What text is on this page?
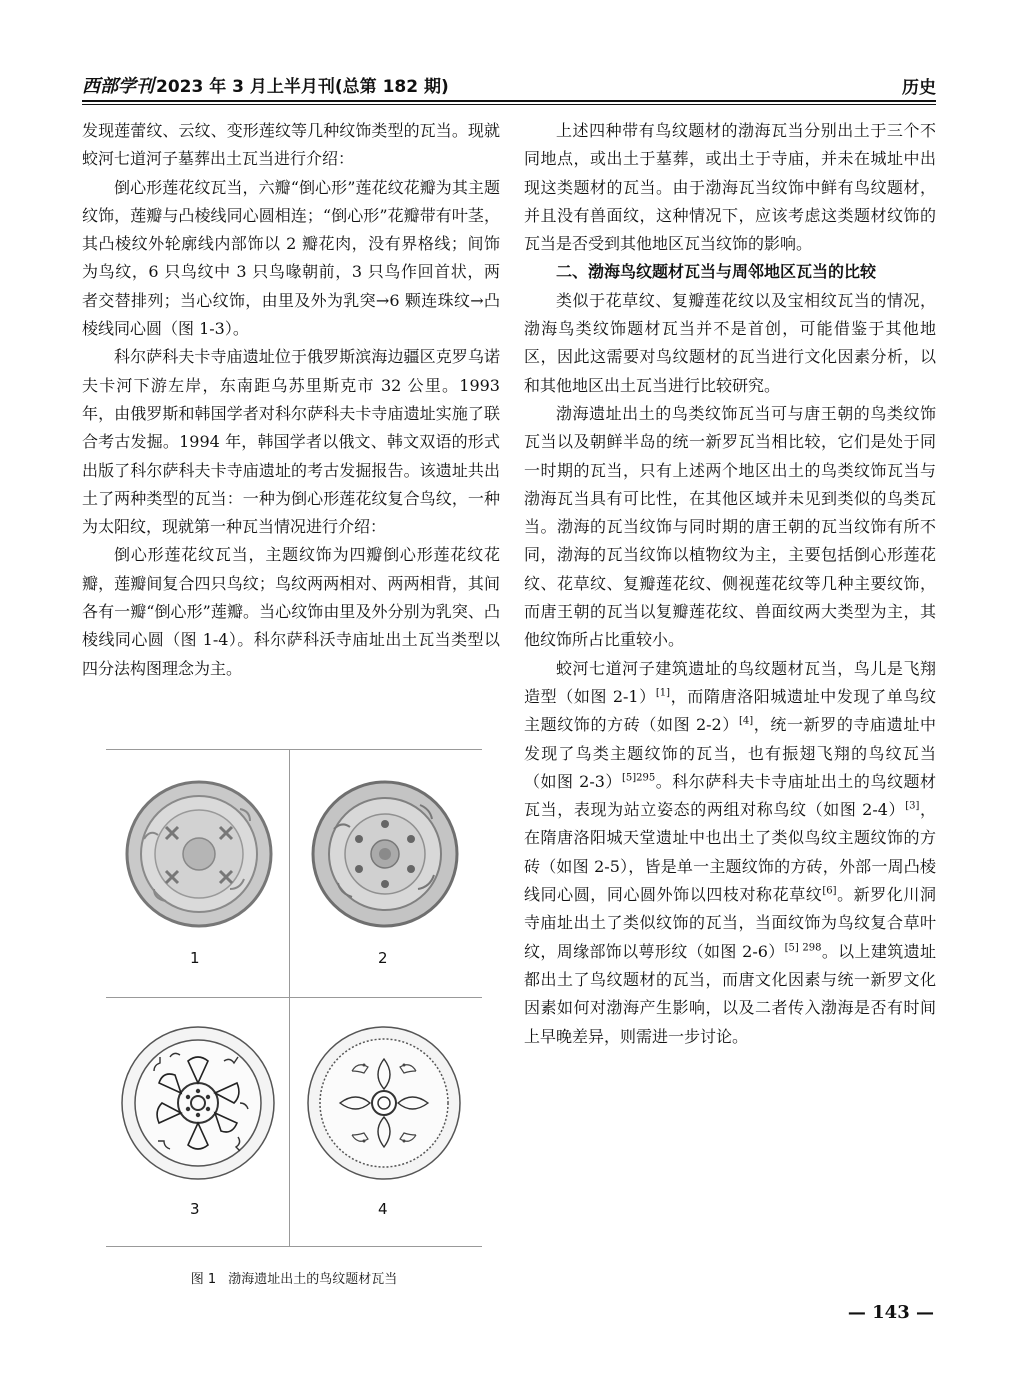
西部学刊 2023 年 3 月上半月刊(总第 182 期)	历史

发现莲蕾纹、云纹、变形莲纹等几种纹饰类型的瓦当。现就蛟河七道河子墓葬出土瓦当进行介绍：

倒心形莲花纹瓦当，六瓣“倒心形”莲花纹花瓣为其主题纹饰，莲瓣与凸棱线同心圆相连；“倒心形”花瓣带有叶茎，其凸棱纹外轮廓线内部饰以 2 瓣花肉，没有界格线；间饰为鸟纹，6 只鸟纹中 3 只鸟喙朝前，3 只鸟作回首状，两者交替排列；当心纹饰，由里及外为乳突→6 颗连珠纹→凸棱线同心圆（图 1-3）。

科尔萨科夫卡寺庙遗址位于俄罗斯滨海边疆区克罗乌诺夫卡河下游左岸，东南距乌苏里斯克市 32 公里。1993 年，由俄罗斯和韩国学者对科尔萨科夫卡寺庙遗址实施了联合考古发掘。1994 年，韩国学者以俄文、韩文双语的形式出版了科尔萨科夫卡寺庙遗址的考古发掘报告。该遗址共出土了两种类型的瓦当：一种为倒心形莲花纹复合鸟纹，一种为太阳纹，现就第一种瓦当情况进行介绍：

倒心形莲花纹瓦当，主题纹饰为四瓣倒心形莲花纹花瓣，莲瓣间复合四只鸟纹；鸟纹两两相对、两两相背，其间各有一瓣“倒心形”莲瓣。当心纹饰由里及外分别为乳突、凸棱线同心圆（图 1-4）。科尔萨科沃寺庙址出土瓦当类型以四分法构图理念为主。

1	2
3	4
图 1 渤海遗址出土的鸟纹题材瓦当

上述四种带有鸟纹题材的渤海瓦当分别出土于三个不同地点，或出土于墓葬，或出土于寺庙，并未在城址中出现这类题材的瓦当。由于渤海瓦当纹饰中鲜有鸟纹题材，并且没有兽面纹，这种情况下，应该考虑这类题材纹饰的瓦当是否受到其他地区瓦当纹饰的影响。

二、渤海鸟纹题材瓦当与周邻地区瓦当的比较

类似于花草纹、复瓣莲花纹以及宝相纹瓦当的情况，渤海鸟类纹饰题材瓦当并不是首创，可能借鉴于其他地区，因此这需要对鸟纹题材的瓦当进行文化因素分析，以和其他地区出土瓦当进行比较研究。

渤海遗址出土的鸟类纹饰瓦当可与唐王朝的鸟类纹饰瓦当以及朝鲜半岛的统一新罗瓦当相比较，它们是处于同一时期的瓦当，只有上述两个地区出土的鸟类纹饰瓦当与渤海瓦当具有可比性，在其他区域并未见到类似的鸟类瓦当。渤海的瓦当纹饰与同时期的唐王朝的瓦当纹饰有所不同，渤海的瓦当纹饰以植物纹为主，主要包括倒心形莲花纹、花草纹、复瓣莲花纹、侧视莲花纹等几种主要纹饰，而唐王朝的瓦当以复瓣莲花纹、兽面纹两大类型为主，其他纹饰所占比重较小。

蛟河七道河子建筑遗址的鸟纹题材瓦当，鸟儿是飞翔造型（如图 2-1）[1]，而隋唐洛阳城遗址中发现了单鸟纹主题纹饰的方砖（如图 2-2）[4]，统一新罗的寺庙遗址中发现了鸟类主题纹饰的瓦当，也有振翅飞翔的鸟纹瓦当（如图 2-3）$^{[5]295}$。科尔萨科夫卡寺庙址出土的鸟纹题材瓦当，表现为站立姿态的两组对称鸟纹（如图 2-4）[3]，在隋唐洛阳城天堂遗址中也出土了类似鸟纹主题纹饰的方砖（如图 2-5），皆是单一主题纹饰的方砖，外部一周凸棱线同心圆，同心圆外饰以四枝对称花草纹[6]。新罗化川洞寺庙址出土了类似纹饰的瓦当，当面纹饰为鸟纹复合草叶纹，周缘部饰以萼形纹（如图 2-6）$^{[5] 298}$。以上建筑遗址都出土了鸟纹题材的瓦当，而唐文化因素与统一新罗文化因素如何对渤海产生影响，以及二者传入渤海是否有时间上早晚差异，则需进一步讨论。

— 143 —
